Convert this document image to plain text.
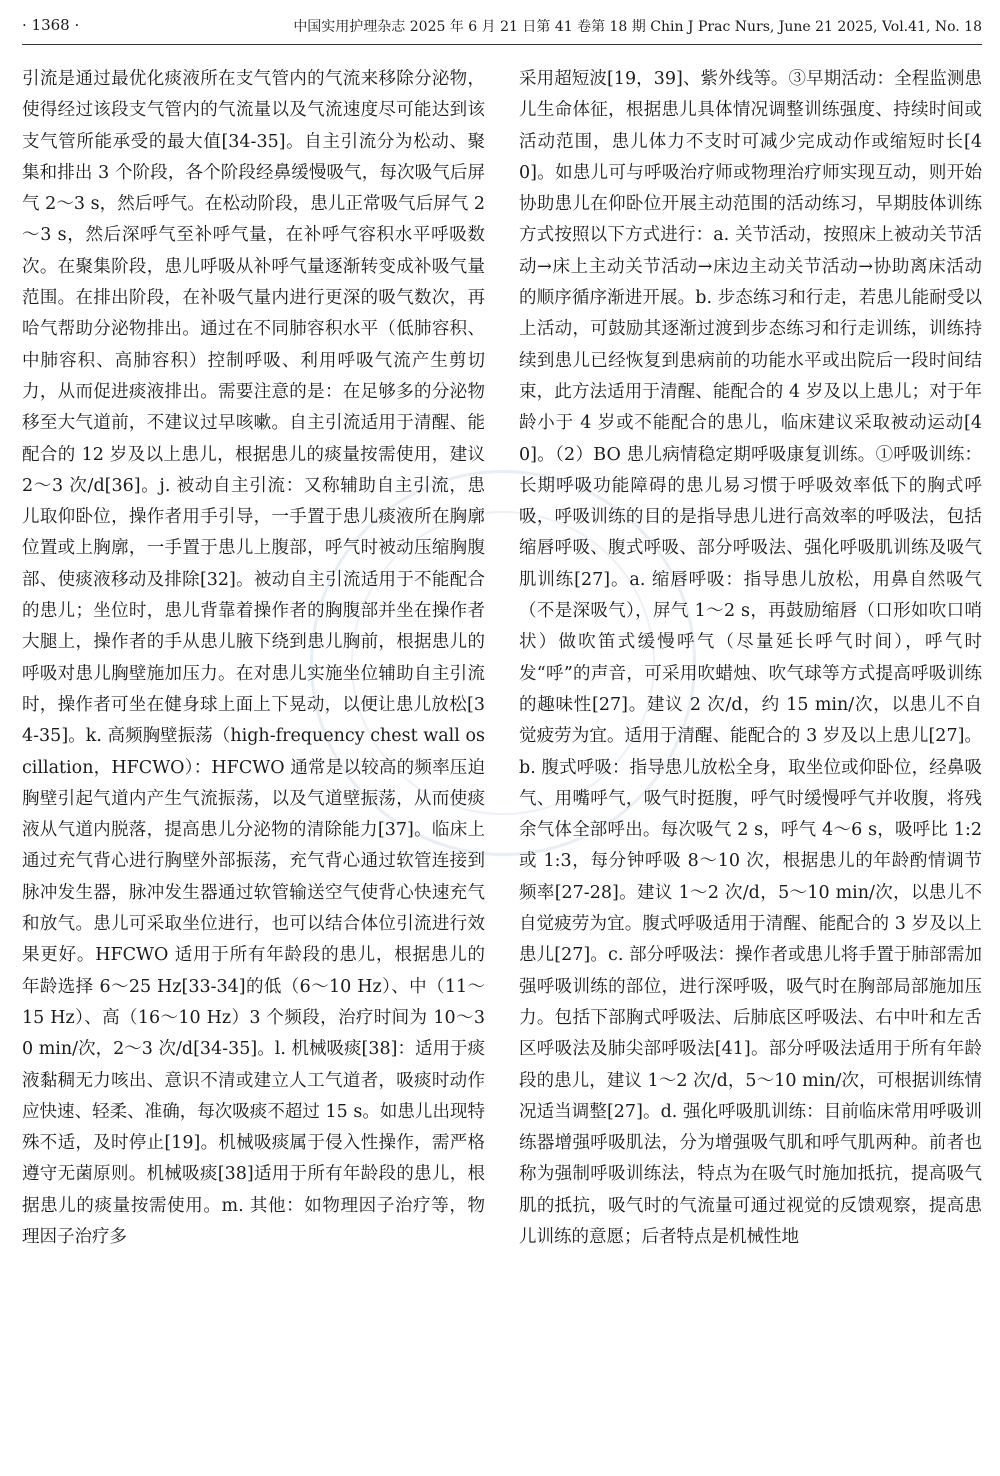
· 1368 ·	中国实用护理杂志 2025 年 6 月 21 日第 41 卷第 18 期 Chin J Prac Nurs, June 21 2025, Vol.41, No. 18

引流是通过最优化痰液所在支气管内的气流来移除分泌物，使得经过该段支气管内的气流量以及气流速度尽可能达到该支气管所能承受的最大值[34-35]。自主引流分为松动、聚集和排出 3 个阶段，各个阶段经鼻缓慢吸气，每次吸气后屏气 2～3 s，然后呼气。在松动阶段，患儿正常吸气后屏气 2～3 s，然后深呼气至补呼气量，在补呼气容积水平呼吸数次。在聚集阶段，患儿呼吸从补呼气量逐渐转变成补吸气量范围。在排出阶段，在补吸气量内进行更深的吸气数次，再哈气帮助分泌物排出。通过在不同肺容积水平（低肺容积、中肺容积、高肺容积）控制呼吸、利用呼吸气流产生剪切力，从而促进痰液排出。需要注意的是：在足够多的分泌物移至大气道前，不建议过早咳嗽。自主引流适用于清醒、能配合的 12 岁及以上患儿，根据患儿的痰量按需使用，建议 2～3 次/d[36]。j. 被动自主引流：又称辅助自主引流，患儿取仰卧位，操作者用手引导，一手置于患儿痰液所在胸廓位置或上胸廓，一手置于患儿上腹部，呼气时被动压缩胸腹部、使痰液移动及排除[32]。被动自主引流适用于不能配合的患儿；坐位时，患儿背靠着操作者的胸腹部并坐在操作者大腿上，操作者的手从患儿腋下绕到患儿胸前，根据患儿的呼吸对患儿胸壁施加压力。在对患儿实施坐位辅助自主引流时，操作者可坐在健身球上面上下晃动，以便让患儿放松[34-35]。k. 高频胸壁振荡（high-frequency chest wall oscillation，HFCWO）：HFCWO 通常是以较高的频率压迫胸壁引起气道内产生气流振荡，以及气道壁振荡，从而使痰液从气道内脱落，提高患儿分泌物的清除能力[37]。临床上通过充气背心进行胸壁外部振荡，充气背心通过软管连接到脉冲发生器，脉冲发生器通过软管输送空气使背心快速充气和放气。患儿可采取坐位进行，也可以结合体位引流进行效果更好。HFCWO 适用于所有年龄段的患儿，根据患儿的年龄选择 6～25 Hz[33-34]的低（6～10 Hz）、中（11～15 Hz）、高（16～10 Hz）3 个频段，治疗时间为 10～30 min/次，2～3 次/d[34-35]。l. 机械吸痰[38]：适用于痰液黏稠无力咳出、意识不清或建立人工气道者，吸痰时动作应快速、轻柔、准确，每次吸痰不超过 15 s。如患儿出现特殊不适，及时停止[19]。机械吸痰属于侵入性操作，需严格遵守无菌原则。机械吸痰[38]适用于所有年龄段的患儿，根据患儿的痰量按需使用。m. 其他：如物理因子治疗等，物理因子治疗多

采用超短波[19，39]、紫外线等。③早期活动：全程监测患儿生命体征，根据患儿具体情况调整训练强度、持续时间或活动范围，患儿体力不支时可减少完成动作或缩短时长[40]。如患儿可与呼吸治疗师或物理治疗师实现互动，则开始协助患儿在仰卧位开展主动范围的活动练习，早期肢体训练方式按照以下方式进行：a. 关节活动，按照床上被动关节活动→床上主动关节活动→床边主动关节活动→协助离床活动的顺序循序渐进开展。b. 步态练习和行走，若患儿能耐受以上活动，可鼓励其逐渐过渡到步态练习和行走训练，训练持续到患儿已经恢复到患病前的功能水平或出院后一段时间结束，此方法适用于清醒、能配合的 4 岁及以上患儿；对于年龄小于 4 岁或不能配合的患儿，临床建议采取被动运动[40]。（2）BO 患儿病情稳定期呼吸康复训练。①呼吸训练：长期呼吸功能障碍的患儿易习惯于呼吸效率低下的胸式呼吸，呼吸训练的目的是指导患儿进行高效率的呼吸法，包括缩唇呼吸、腹式呼吸、部分呼吸法、强化呼吸肌训练及吸气肌训练[27]。a. 缩唇呼吸：指导患儿放松，用鼻自然吸气（不是深吸气），屏气 1～2 s，再鼓励缩唇（口形如吹口哨状）做吹笛式缓慢呼气（尽量延长呼气时间），呼气时发“呼”的声音，可采用吹蜡烛、吹气球等方式提高呼吸训练的趣味性[27]。建议 2 次/d，约 15 min/次，以患儿不自觉疲劳为宜。适用于清醒、能配合的 3 岁及以上患儿[27]。b. 腹式呼吸：指导患儿放松全身，取坐位或仰卧位，经鼻吸气、用嘴呼气，吸气时挺腹，呼气时缓慢呼气并收腹，将残余气体全部呼出。每次吸气 2 s，呼气 4～6 s，吸呼比 1:2 或 1:3，每分钟呼吸 8～10 次，根据患儿的年龄酌情调节频率[27-28]。建议 1～2 次/d，5～10 min/次，以患儿不自觉疲劳为宜。腹式呼吸适用于清醒、能配合的 3 岁及以上患儿[27]。c. 部分呼吸法：操作者或患儿将手置于肺部需加强呼吸训练的部位，进行深呼吸，吸气时在胸部局部施加压力。包括下部胸式呼吸法、后肺底区呼吸法、右中叶和左舌区呼吸法及肺尖部呼吸法[41]。部分呼吸法适用于所有年龄段的患儿，建议 1～2 次/d，5～10 min/次，可根据训练情况适当调整[27]。d. 强化呼吸肌训练：目前临床常用呼吸训练器增强呼吸肌法，分为增强吸气肌和呼气肌两种。前者也称为强制呼吸训练法，特点为在吸气时施加抵抗，提高吸气肌的抵抗，吸气时的气流量可通过视觉的反馈观察，提高患儿训练的意愿；后者特点是机械性地
